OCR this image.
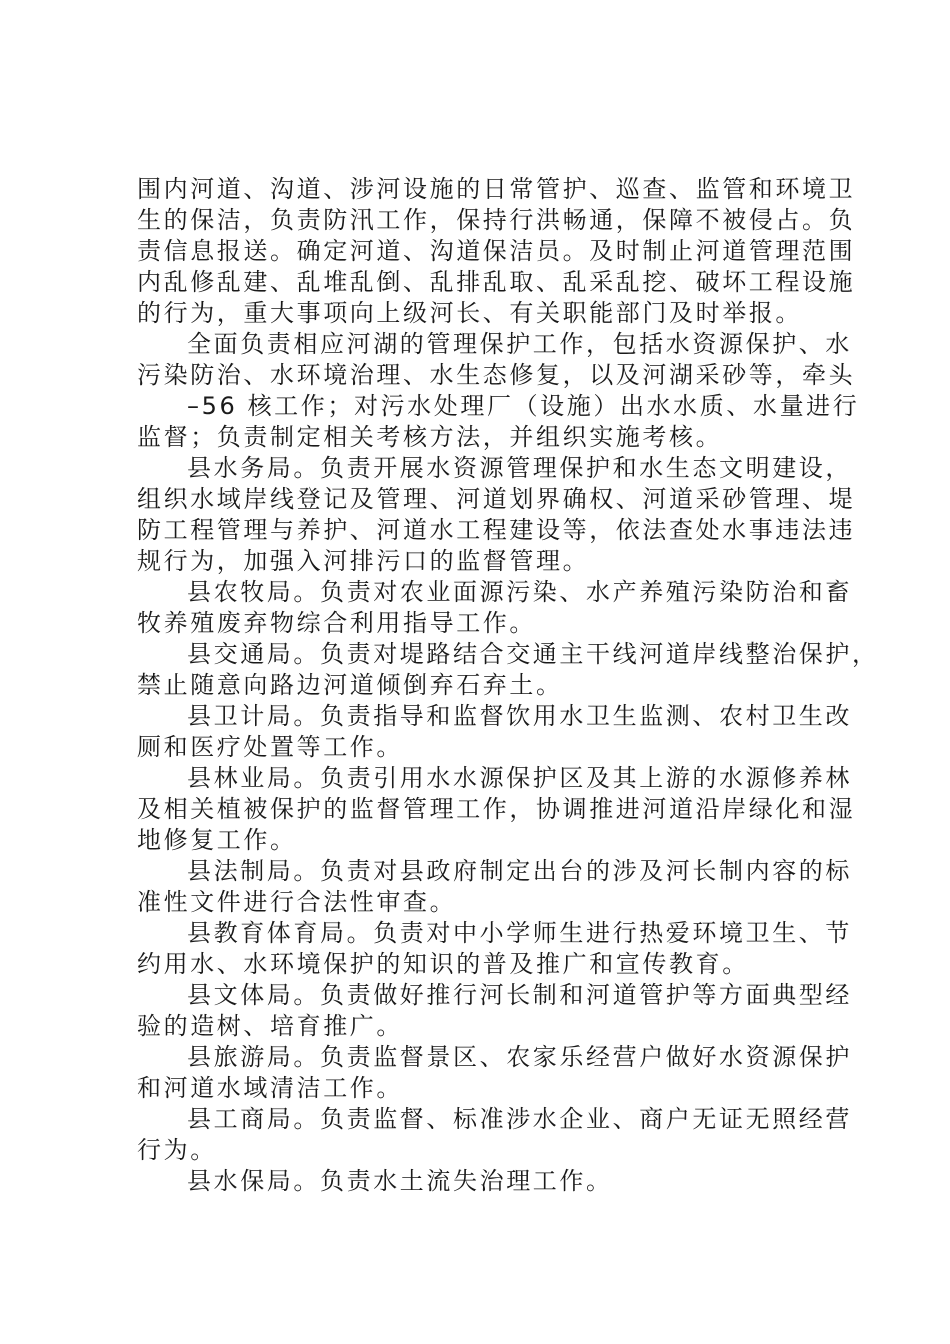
围内河道、沟道、涉河设施的日常管护、巡查、监管和环境卫
生的保洁，负责防汛工作，保持行洪畅通，保障不被侵占。负
责信息报送。确定河道、沟道保洁员。及时制止河道管理范围
内乱修乱建、乱堆乱倒、乱排乱取、乱采乱挖、破坏工程设施
的行为，重大事项向上级河长、有关职能部门及时举报。
全面负责相应河湖的管理保护工作，包括水资源保护、水
污染防治、水环境治理、水生态修复，以及河湖采砂等，牵头
–56 核工作；对污水处理厂（设施）出水水质、水量进行
监督；负责制定相关考核方法，并组织实施考核。
县水务局。负责开展水资源管理保护和水生态文明建设，
组织水域岸线登记及管理、河道划界确权、河道采砂管理、堤
防工程管理与养护、河道水工程建设等，依法查处水事违法违
规行为，加强入河排污口的监督管理。
县农牧局。负责对农业面源污染、水产养殖污染防治和畜
牧养殖废弃物综合利用指导工作。
县交通局。负责对堤路结合交通主干线河道岸线整治保护，
禁止随意向路边河道倾倒弃石弃土。
县卫计局。负责指导和监督饮用水卫生监测、农村卫生改
厕和医疗处置等工作。
县林业局。负责引用水水源保护区及其上游的水源修养林
及相关植被保护的监督管理工作，协调推进河道沿岸绿化和湿
地修复工作。
县法制局。负责对县政府制定出台的涉及河长制内容的标
准性文件进行合法性审查。
县教育体育局。负责对中小学师生进行热爱环境卫生、节
约用水、水环境保护的知识的普及推广和宣传教育。
县文体局。负责做好推行河长制和河道管护等方面典型经
验的造树、培育推广。
县旅游局。负责监督景区、农家乐经营户做好水资源保护
和河道水域清洁工作。
县工商局。负责监督、标准涉水企业、商户无证无照经营
行为。
县水保局。负责水土流失治理工作。
